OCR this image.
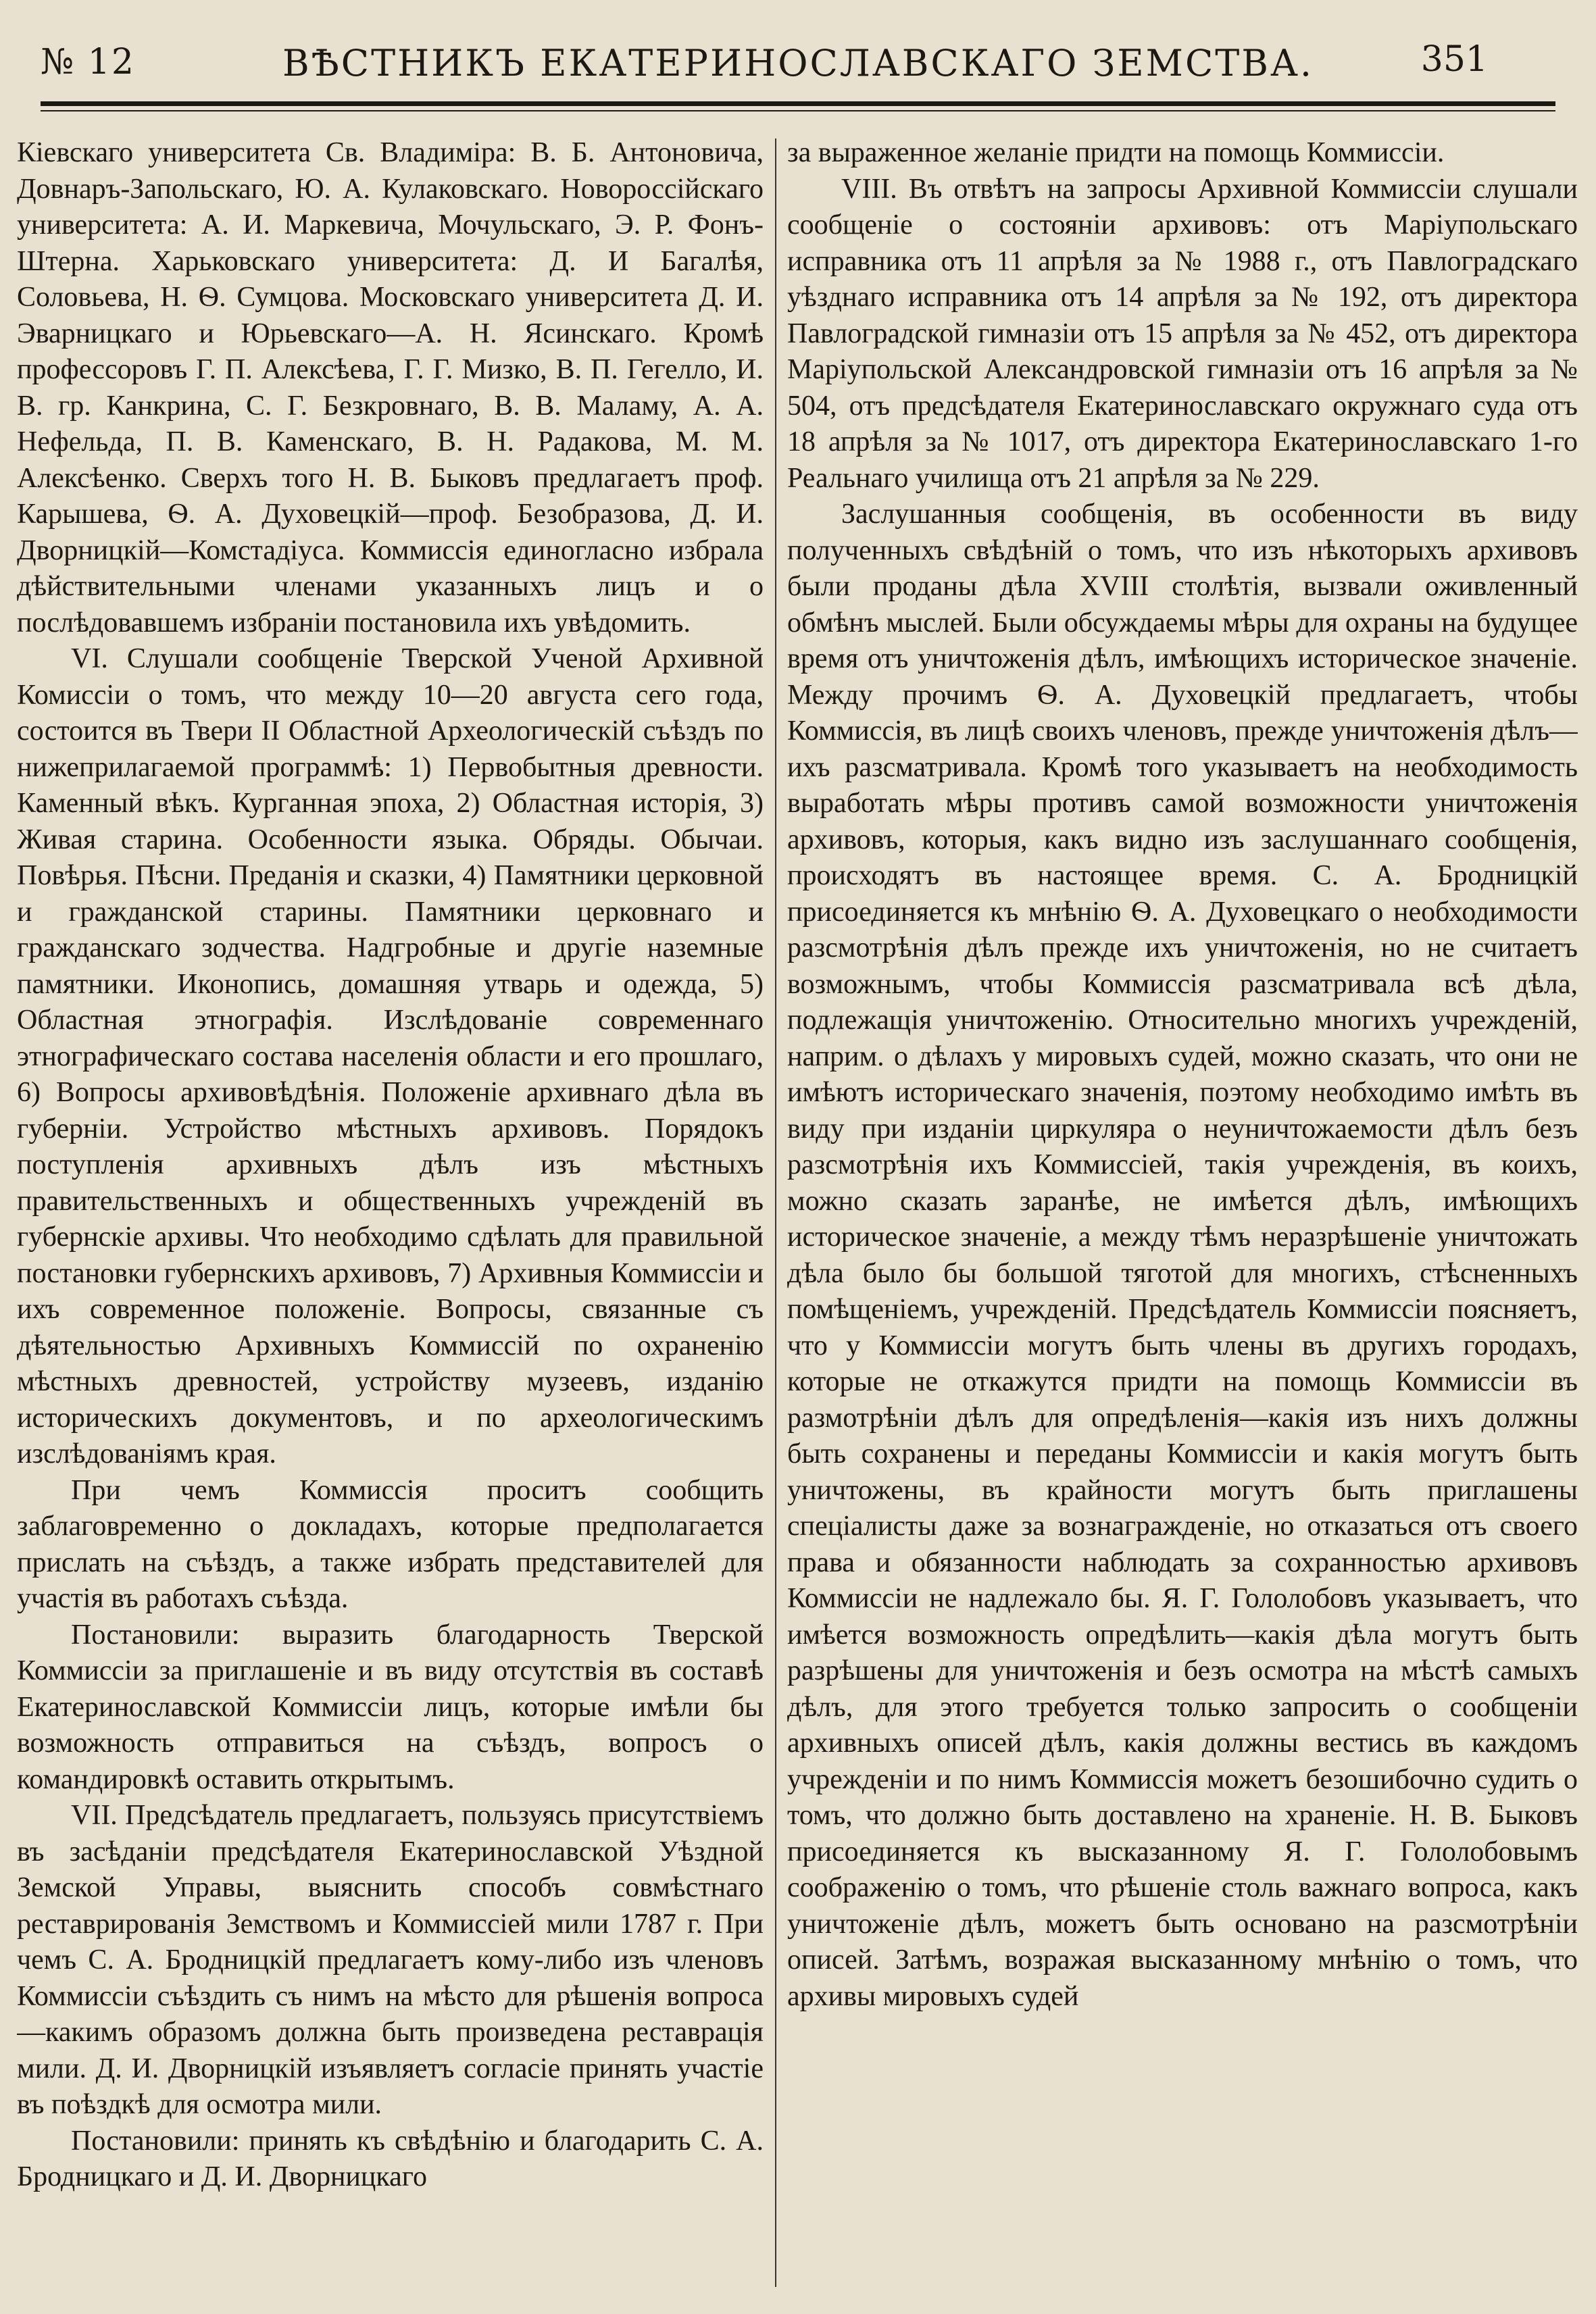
№ 12	ВѢСТНИКЪ ЕКАТЕРИНОСЛАВСКАГО ЗЕМСТВА.	351

Кіевскаго университета Св. Владиміра: В. Б. Антоновича, Довнаръ-Запольскаго, Ю. А. Кулаковскаго. Новороссійскаго университета: А. И. Маркевича, Мочульскаго, Э. Р. Фонъ-Штерна. Харьковскаго университета: Д. И Багалѣя, Соловьева, Н. Ѳ. Сумцова. Московскаго университета Д. И. Эварницкаго и Юрьевскаго—А. Н. Ясинскаго. Кромѣ профессоровъ Г. П. Алексѣева, Г. Г. Мизко, В. П. Гегелло, И. В. гр. Канкрина, С. Г. Безкровнаго, В. В. Маламу, А. А. Нефельда, П. В. Каменскаго, В. Н. Радакова, М. М. Алексѣенко. Сверхъ того Н. В. Быковъ предлагаетъ проф. Карышева, Ѳ. А. Духовецкій—проф. Безобразова, Д. И. Дворницкій—Комстадіуса. Коммиссія единогласно избрала дѣйствительными членами указанныхъ лицъ и о послѣдовавшемъ избраніи постановила ихъ увѣдомить.

VI. Слушали сообщеніе Тверской Ученой Архивной Комиссіи о томъ, что между 10—20 августа сего года, состоится въ Твери II Областной Археологическій съѣздъ по нижеприлагаемой программѣ: 1) Первобытныя древности. Каменный вѣкъ. Курганная эпоха, 2) Областная исторія, 3) Живая старина. Особенности языка. Обряды. Обычаи. Повѣрья. Пѣсни. Преданія и сказки, 4) Памятники церковной и гражданской старины. Памятники церковнаго и гражданскаго зодчества. Надгробные и другіе наземные памятники. Иконопись, домашняя утварь и одежда, 5) Областная этнографія. Изслѣдованіе современнаго этнографическаго состава населенія области и его прошлаго, 6) Вопросы архивовѣдѣнія. Положеніе архивнаго дѣла въ губерніи. Устройство мѣстныхъ архивовъ. Порядокъ поступленія архивныхъ дѣлъ изъ мѣстныхъ правительственныхъ и общественныхъ учрежденій въ губернскіе архивы. Что необходимо сдѣлать для правильной постановки губернскихъ архивовъ, 7) Архивныя Коммиссіи и ихъ современное положеніе. Вопросы, связанные съ дѣятельностью Архивныхъ Коммиссій по охраненію мѣстныхъ древностей, устройству музеевъ, изданію историческихъ документовъ, и по археологическимъ изслѣдованіямъ края.

При чемъ Коммиссія проситъ сообщить заблаговременно о докладахъ, которые предполагается прислать на съѣздъ, а также избрать представителей для участія въ работахъ съѣзда.

Постановили: выразить благодарность Тверской Коммиссіи за приглашеніе и въ виду отсутствія въ составѣ Екатеринославской Коммиссіи лицъ, которые имѣли бы возможность отправиться на съѣздъ, вопросъ о командировкѣ оставить открытымъ.

VII. Предсѣдатель предлагаетъ, пользуясь присутствіемъ въ засѣданіи предсѣдателя Екатеринославской Уѣздной Земской Управы, выяснить способъ совмѣстнаго реставрированія Земствомъ и Коммиссіей мили 1787 г. При чемъ С. А. Бродницкій предлагаетъ кому-либо изъ членовъ Коммиссіи съѣздить съ нимъ на мѣсто для рѣшенія вопроса—какимъ образомъ должна быть произведена реставрація мили. Д. И. Дворницкій изъявляетъ согласіе принять участіе въ поѣздкѣ для осмотра мили.

Постановили: принять къ свѣдѣнію и благодарить С. А. Бродницкаго и Д. И. Дворницкаго

за выраженное желаніе придти на помощь Коммиссіи.

VIII. Въ отвѣтъ на запросы Архивной Коммиссіи слушали сообщеніе о состояніи архивовъ: отъ Маріупольскаго исправника отъ 11 апрѣля за № 1988 г., отъ Павлоградскаго уѣзднаго исправника отъ 14 апрѣля за № 192, отъ директора Павлоградской гимназіи отъ 15 апрѣля за № 452, отъ директора Маріупольской Александровской гимназіи отъ 16 апрѣля за № 504, отъ предсѣдателя Екатеринославскаго окружнаго суда отъ 18 апрѣля за № 1017, отъ директора Екатеринославскаго 1-го Реальнаго училища отъ 21 апрѣля за № 229.

Заслушанныя сообщенія, въ особенности въ виду полученныхъ свѣдѣній о томъ, что изъ нѣкоторыхъ архивовъ были проданы дѣла XVIII столѣтія, вызвали оживленный обмѣнъ мыслей. Были обсуждаемы мѣры для охраны на будущее время отъ уничтоженія дѣлъ, имѣющихъ историческое значеніе. Между прочимъ Ѳ. А. Духовецкій предлагаетъ, чтобы Коммиссія, въ лицѣ своихъ членовъ, прежде уничтоженія дѣлъ—ихъ разсматривала. Кромѣ того указываетъ на необходимость выработать мѣры противъ самой возможности уничтоженія архивовъ, которыя, какъ видно изъ заслушаннаго сообщенія, происходятъ въ настоящее время. С. А. Бродницкій присоединяется къ мнѣнію Ѳ. А. Духовецкаго о необходимости разсмотрѣнія дѣлъ прежде ихъ уничтоженія, но не считаетъ возможнымъ, чтобы Коммиссія разсматривала всѣ дѣла, подлежащія уничтоженію. Относительно многихъ учрежденій, наприм. о дѣлахъ у мировыхъ судей, можно сказать, что они не имѣютъ историческаго значенія, поэтому необходимо имѣть въ виду при изданіи циркуляра о неуничтожаемости дѣлъ безъ разсмотрѣнія ихъ Коммиссіей, такія учрежденія, въ коихъ, можно сказать заранѣе, не имѣется дѣлъ, имѣющихъ историческое значеніе, а между тѣмъ неразрѣшеніе уничтожать дѣла было бы большой тяготой для многихъ, стѣсненныхъ помѣщеніемъ, учрежденій. Предсѣдатель Коммиссіи поясняетъ, что у Коммиссіи могутъ быть члены въ другихъ городахъ, которые не откажутся придти на помощь Коммиссіи въ размотрѣніи дѣлъ для опредѣленія—какія изъ нихъ должны быть сохранены и переданы Коммиссіи и какія могутъ быть уничтожены, въ крайности могутъ быть приглашены спеціалисты даже за вознагражденіе, но отказаться отъ своего права и обязанности наблюдать за сохранностью архивовъ Коммиссіи не надлежало бы. Я. Г. Гололобовъ указываетъ, что имѣется возможность опредѣлить—какія дѣла могутъ быть разрѣшены для уничтоженія и безъ осмотра на мѣстѣ самыхъ дѣлъ, для этого требуется только запросить о сообщеніи архивныхъ описей дѣлъ, какія должны вестись въ каждомъ учрежденіи и по нимъ Коммиссія можетъ безошибочно судить о томъ, что должно быть доставлено на храненіе. Н. В. Быковъ присоединяется къ высказанному Я. Г. Гололобовымъ соображенію о томъ, что рѣшеніе столь важнаго вопроса, какъ уничтоженіе дѣлъ, можетъ быть основано на разсмотрѣніи описей. Затѣмъ, возражая высказанному мнѣнію о томъ, что архивы мировыхъ судей
